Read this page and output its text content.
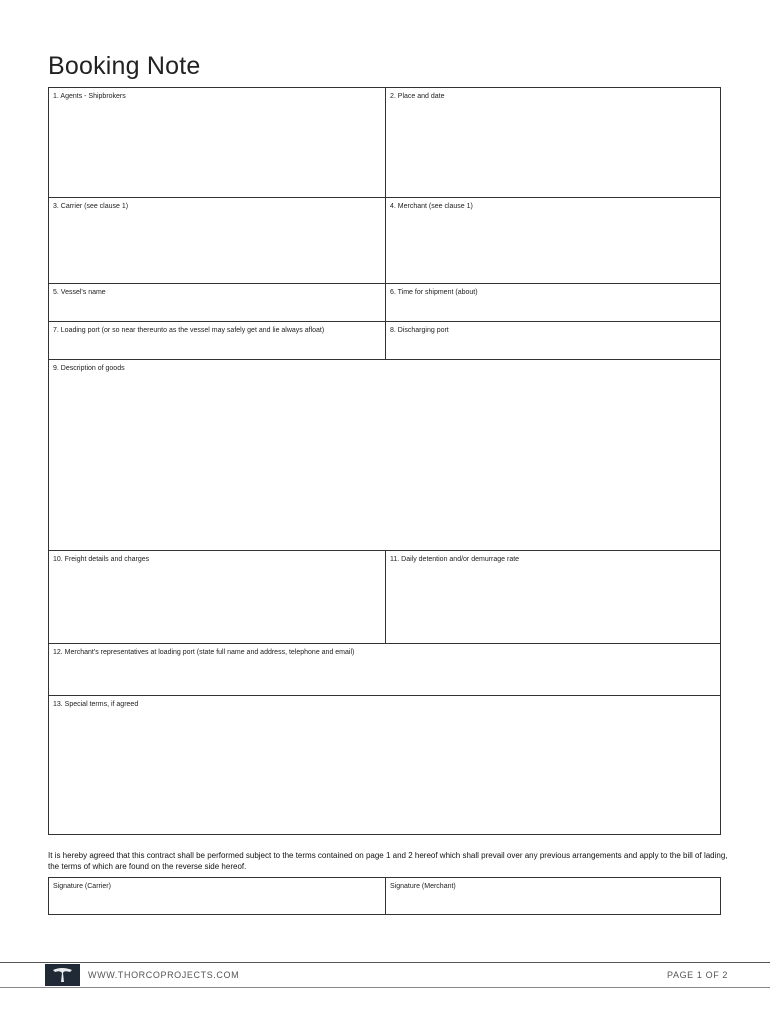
Booking Note
1. Agents - Shipbrokers	2. Place and date
3. Carrier (see clause 1)	4. Merchant (see clause 1)
5. Vessel's name	6. Time for shipment (about)
7. Loading port (or so near thereunto as the vessel may safely get and lie always afloat)	8. Discharging port
9. Description of goods
10. Freight details and charges	11. Daily detention and/or demurrage rate
12. Merchant's representatives at loading port (state full name and address, telephone and email)
13. Special terms, if agreed
It is hereby agreed that this contract shall be performed subject to the terms contained on page 1 and 2 hereof which shall prevail over any previous arrangements and apply to the bill of lading, the terms of which are found on the reverse side hereof.
Signature (Carrier)	Signature (Merchant)
WWW.THORCOPROJECTS.COM	PAGE 1 OF 2
